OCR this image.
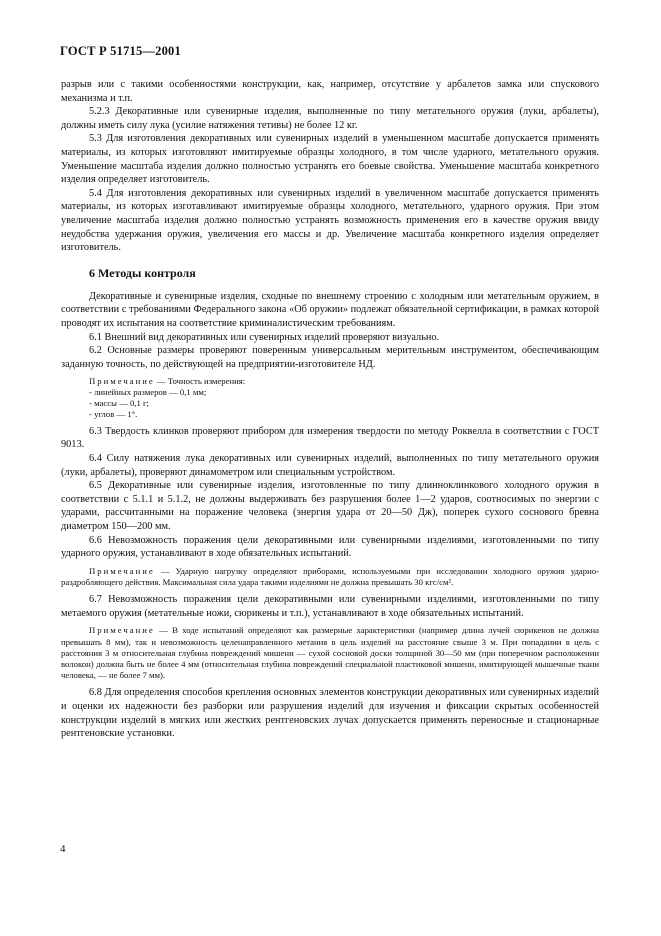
ГОСТ Р 51715—2001

разрыв или с такими особенностями конструкции, как, например, отсутствие у арбалетов замка или спускового механизма и т.п.

5.2.3 Декоративные или сувенирные изделия, выполненные по типу метательного оружия (луки, арбалеты), должны иметь силу лука (усилие натяжения тетивы) не более 12 кг.

5.3 Для изготовления декоративных или сувенирных изделий в уменьшенном масштабе допускается применять материалы, из которых изготовляют имитируемые образцы холодного, в том числе ударного, метательного оружия. Уменьшение масштаба изделия должно полностью устранять его боевые свойства. Уменьшение масштаба конкретного изделия определяет изготовитель.

5.4 Для изготовления декоративных или сувенирных изделий в увеличенном масштабе допускается применять материалы, из которых изготавливают имитируемые образцы холодного, метательного, ударного оружия. При этом увеличение масштаба изделия должно полностью устранять возможность применения его в качестве оружия ввиду неудобства удержания оружия, увеличения его массы и др. Увеличение масштаба конкретного изделия определяет изготовитель.

6 Методы контроля

Декоративные и сувенирные изделия, сходные по внешнему строению с холодным или метательным оружием, в соответствии с требованиями Федерального закона «Об оружии» подлежат обязательной сертификации, в рамках которой проводят их испытания на соответствие криминалистическим требованиям.

6.1 Внешний вид декоративных или сувенирных изделий проверяют визуально.

6.2 Основные размеры проверяют поверенным универсальным мерительным инструментом, обеспечивающим заданную точность, по действующей на предприятии-изготовителе НД.

Примечание — Точность измерения:

- линейных размеров — 0,1 мм;
- массы — 0,1 г;
- углов — 1°.

6.3 Твердость клинков проверяют прибором для измерения твердости по методу Роквелла в соответствии с ГОСТ 9013.

6.4 Силу натяжения лука декоративных или сувенирных изделий, выполненных по типу метательного оружия (луки, арбалеты), проверяют динамометром или специальным устройством.

6.5 Декоративные или сувенирные изделия, изготовленные по типу длинноклинкового холодного оружия в соответствии с 5.1.1 и 5.1.2, не должны выдерживать без разрушения более 1—2 ударов, соотносимых по энергии с ударами, рассчитанными на поражение человека (энергия удара от 20—50 Дж), поперек сухого соснового бревна диаметром 150—200 мм.

6.6 Невозможность поражения цели декоративными или сувенирными изделиями, изготовленными по типу ударного оружия, устанавливают в ходе обязательных испытаний.

Примечание — Ударную нагрузку определяют приборами, используемыми при исследовании холодного оружия ударно-раздробляющего действия. Максимальная сила удара такими изделиями не должна превышать 30 кгс/см².

6.7 Невозможность поражения цели декоративными или сувенирными изделиями, изготовленными по типу метаемого оружия (метательные ножи, сюрикены и т.п.), устанавливают в ходе обязательных испытаний.

Примечание — В ходе испытаний определяют как размерные характеристики (например длина лучей сюрикенов не должна превышать 8 мм), так и невозможность целенаправленного метания в цель изделий на расстояние свыше 3 м. При попадании в цель с расстояния 3 м относительная глубина повреждений мишени — сухой сосновой доски толщиной 30—50 мм (при поперечном расположении волокон) должна быть не более 4 мм (относительная глубина повреждений специальной пластиковой мишени, имитирующей мышечные ткани человека, — не более 7 мм).

6.8 Для определения способов крепления основных элементов конструкции декоративных или сувенирных изделий и оценки их надежности без разборки или разрушения изделий для изучения и фиксации скрытых особенностей конструкции изделий в мягких или жестких рентгеновских лучах допускается применять переносные и стационарные рентгеновские установки.

4
